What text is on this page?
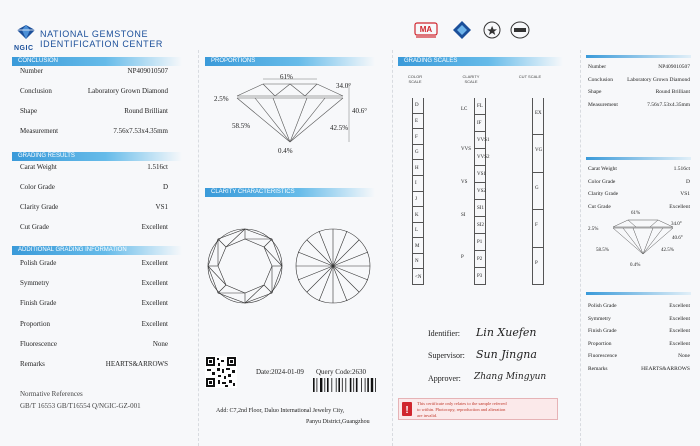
NGIC
NATIONAL GEMSTONE
IDENTIFICATION CENTER
MA
CONCLUSION
Number	NP409010507
Conclusion	Laboratory Grown Diamond
Shape	Round Brilliant
Measurement	7.56x7.53x4.35mm
GRADING RESULTS
Carat Weight	1.516ct
Color Grade	D
Clarity Grade	VS1
Cut Grade	Excellent
ADDITIONAL GRADING INFORMATION
Polish Grade	Excellent
Symmetry	Excellent
Finish Grade	Excellent
Proportion	Excellent
Fluorescence	None
Remarks	HEARTS&ARROWS
Normative References
GB/T 16553 GB/T16554 Q/NGIC-GZ-001
PROPORTIONS
61%
34.0°
2.5%
40.6°
58.5%	42.5%
0.4%
CLARITY CHARACTERISTICS
Date:2024-01-09 Query Code:2630
Add: C7,2nd Floor, Daluo International Jewelry City,
Panyu District,Guangzhou
GRADING SCALES
COLOR SCALE
CLARITY SCALE
CUT SCALE
D
E
F
G
H
I
J
K
L
M
N
<N
FL
IF
VVS1
VVS2
VS1
VS2
SI1
SI2
P1
P2
P3
EX
VG
G
F
P
LC
VVS
VS
SI
P
Identifier: Lin Xuefen
Supervisor: Sun Jingna
Approver: Zhang Mingyun
!
This certificate only relates to the sample referred
to within. Photocopy, reproduction and alteration
are invalid.
Number	NP409010507
Conclusion	Laboratory Grown Diamond
Shape	Round Brilliant
Measurement	7.56x7.53x4.35mm
Carat Weight	1.516ct
Color Grade	D
Clarity Grade	VS1
Cut Grade	Excellent
61%
34.0°
2.5%
40.6°
58.5%	42.5%
0.4%
Polish Grade	Excellent
Symmetry	Excellent
Finish Grade	Excellent
Proportion	Excellent
Fluorescence	None
Remarks	HEARTS&ARROWS
